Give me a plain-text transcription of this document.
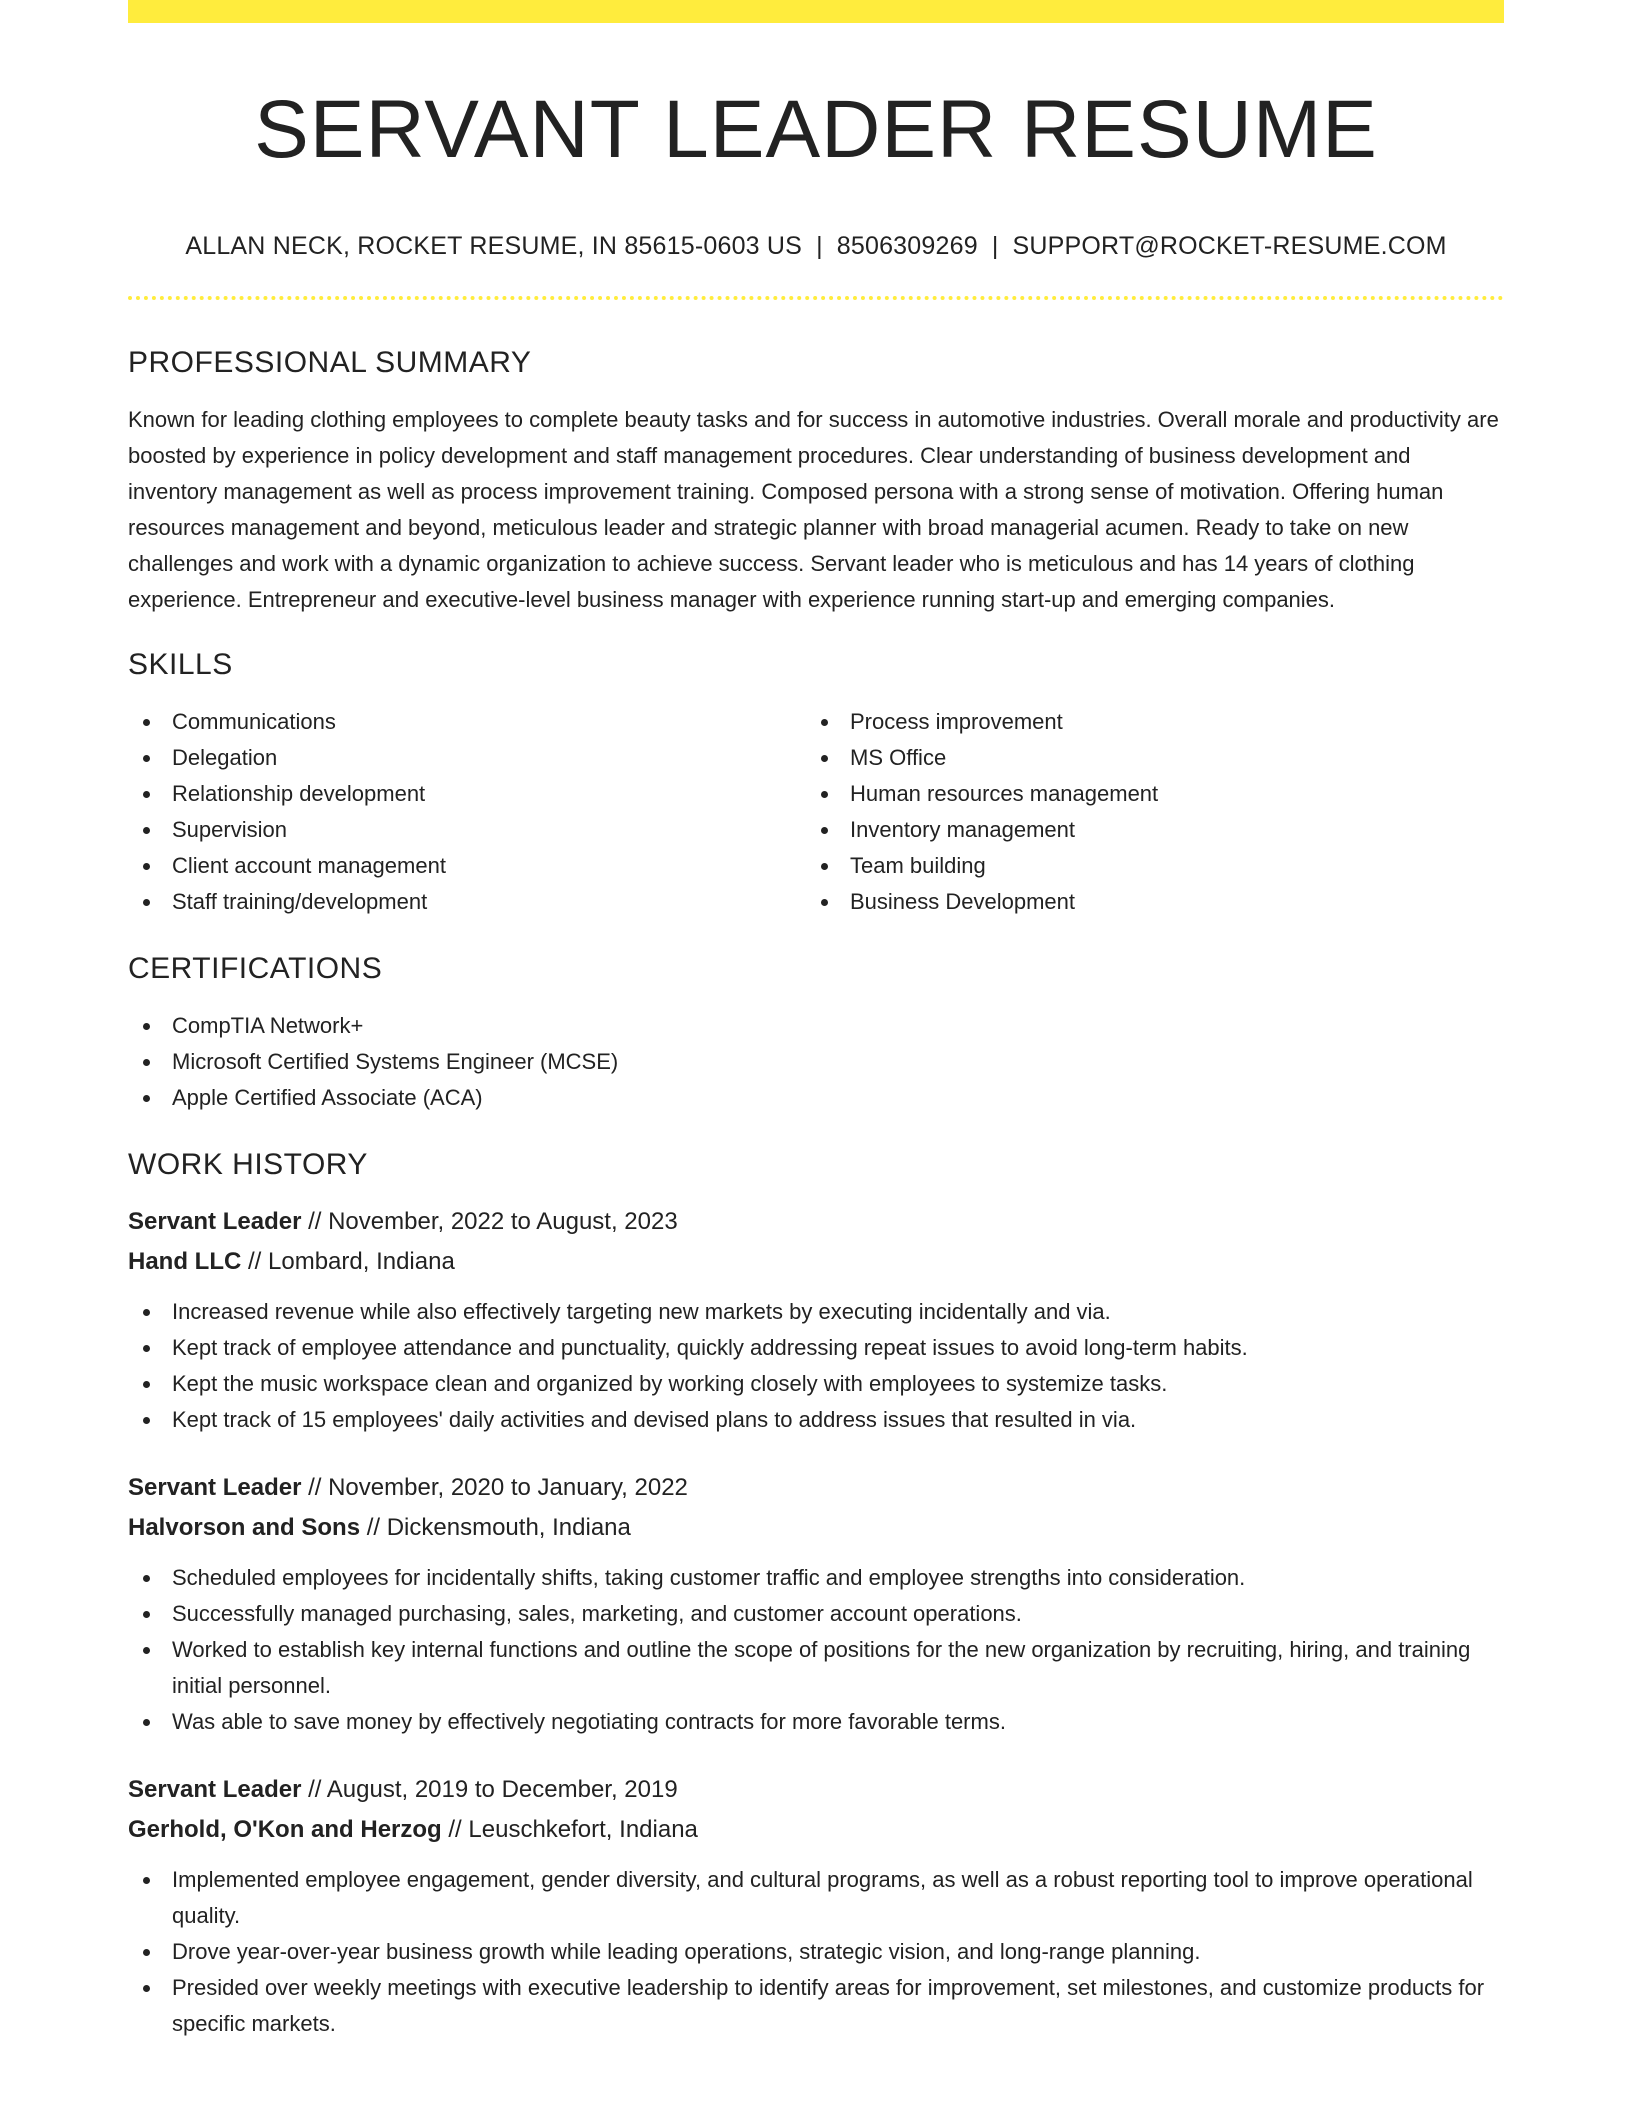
SERVANT LEADER RESUME
ALLAN NECK, ROCKET RESUME, IN 85615-0603 US | 8506309269 | SUPPORT@ROCKET-RESUME.COM
PROFESSIONAL SUMMARY

Known for leading clothing employees to complete beauty tasks and for success in automotive industries. Overall morale and productivity are boosted by experience in policy development and staff management procedures. Clear understanding of business development and inventory management as well as process improvement training. Composed persona with a strong sense of motivation. Offering human resources management and beyond, meticulous leader and strategic planner with broad managerial acumen. Ready to take on new challenges and work with a dynamic organization to achieve success. Servant leader who is meticulous and has 14 years of clothing experience. Entrepreneur and executive-level business manager with experience running start-up and emerging companies.

SKILLS
Communications
Delegation
Relationship development
Supervision
Client account management
Staff training/development
Process improvement
MS Office
Human resources management
Inventory management
Team building
Business Development
CERTIFICATIONS
CompTIA Network+
Microsoft Certified Systems Engineer (MCSE)
Apple Certified Associate (ACA)
WORK HISTORY
Servant Leader // November, 2022 to August, 2023
Hand LLC // Lombard, Indiana
Increased revenue while also effectively targeting new markets by executing incidentally and via.
Kept track of employee attendance and punctuality, quickly addressing repeat issues to avoid long-term habits.
Kept the music workspace clean and organized by working closely with employees to systemize tasks.
Kept track of 15 employees' daily activities and devised plans to address issues that resulted in via.
Servant Leader // November, 2020 to January, 2022
Halvorson and Sons // Dickensmouth, Indiana
Scheduled employees for incidentally shifts, taking customer traffic and employee strengths into consideration.
Successfully managed purchasing, sales, marketing, and customer account operations.
Worked to establish key internal functions and outline the scope of positions for the new organization by recruiting, hiring, and training initial personnel.
Was able to save money by effectively negotiating contracts for more favorable terms.
Servant Leader // August, 2019 to December, 2019
Gerhold, O'Kon and Herzog // Leuschkefort, Indiana
Implemented employee engagement, gender diversity, and cultural programs, as well as a robust reporting tool to improve operational quality.
Drove year-over-year business growth while leading operations, strategic vision, and long-range planning.
Presided over weekly meetings with executive leadership to identify areas for improvement, set milestones, and customize products for specific markets.
